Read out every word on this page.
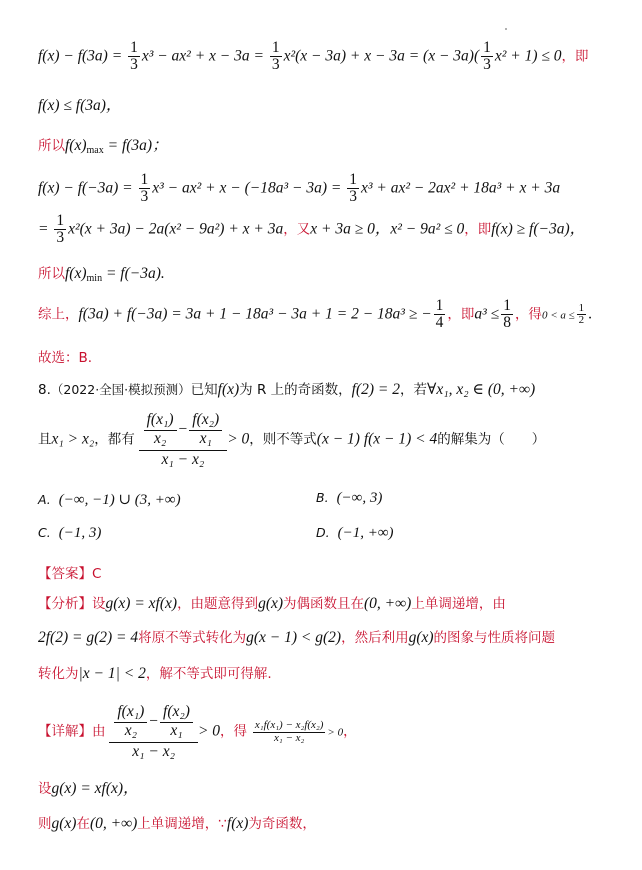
$f(x) - f(3a) = \frac{1}{3} x^3 - ax^2 + x - 3a = \frac{1}{3} x^2(x - 3a) + x - 3a = (x - 3a)( \frac{1}{3} x^2 + 1) \le 0$，即
f(x) ≤ f(3a)，
所以$f(x)_{max} = f(3a)$；
$f(x) - f(-3a) = \frac{1}{3} x^3 - ax^2 + x - (-18a^3 - 3a) = \frac{1}{3} x^3 + ax^2 - 2ax^2 + 18a^3 + x + 3a$
= $\frac{1}{3} x^2(x + 3a) - 2a(x^2 - 9a^2) + x + 3a$，又x + 3a ≥ 0，x² − 9a² ≤ 0，即f(x) ≥ f(−3a)，
所以$f(x)_{min} = f(-3a)$.
综上，f(3a) + f(−3a) = 3a + 1 − 18a³ − 3a + 1 = 2 − 18a³ ≥ − $\frac{1}{4}$ ，即$a^3 \le \frac{1}{8}$ ，得$0 < a \le \frac{1}{2}$ .
故选：B.
8.（2022·全国·模拟预测）已知f(x)为 R 上的奇函数，f(2) = 2，若∀x₁, x₂ ∈ (0, +∞)
且x₁ > x₂，都有 $\frac{\frac{\text{f(x₁)}}{\text{x₂}} - \frac{\text{f(x₂)}}{\text{x₁}}}{\text{x₁ − x₂}} > 0$，则不等式(x − 1) f(x − 1) < 4的解集为（　　）
A. (−∞, −1) ∪ (3, +∞)	B. (−∞, 3)
C. (−1, 3)	D. (−1, +∞)
【答案】C
【分析】设g(x) = xf(x)，由题意得到g(x)为偶函数且在(0, +∞)上单调递增，由
2f(2) = g(2) = 4将原不等式转化为g(x − 1) < g(2)，然后利用g(x)的图象与性质将问题
转化为|x − 1| < 2，解不等式即可得解.
【详解】由 $\frac{\frac{\text{f(x₁)}}{\text{x₂}} - \frac{\text{f(x₂)}}{\text{x₁}}}{\text{x₁ − x₂}} > 0$，得 $\frac{\text{x₁f(x₁) − x₂f(x₂)}}{\text{x₁ − x₂}} > 0$，
设g(x) = xf(x)，
则g(x)在(0, +∞)上单调递增，∵f(x)为奇函数，
